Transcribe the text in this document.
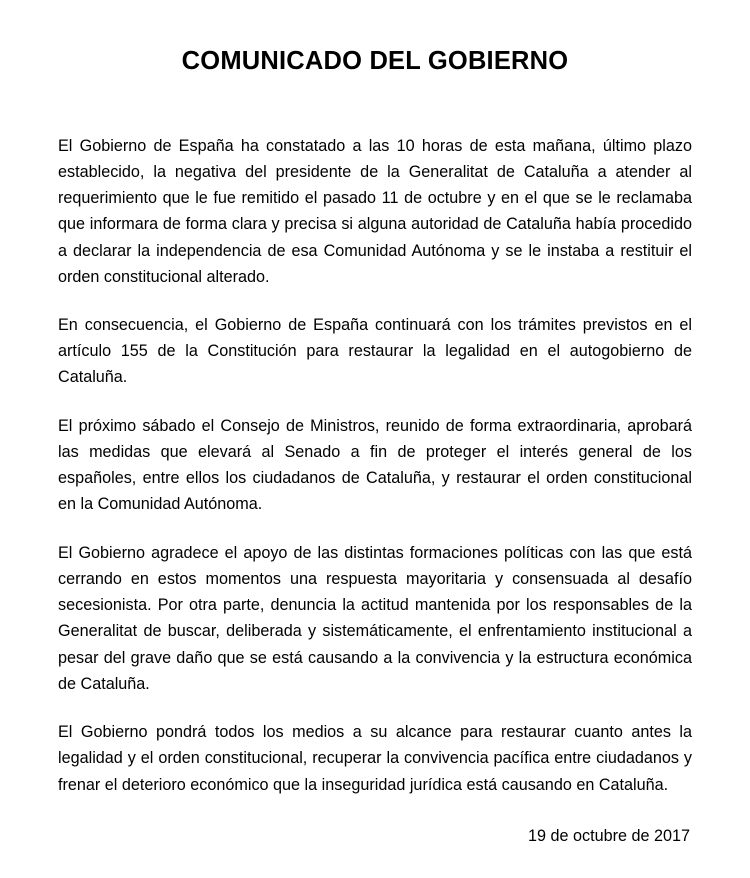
COMUNICADO DEL GOBIERNO

El Gobierno de España ha constatado a las 10 horas de esta mañana, último plazo establecido, la negativa del presidente de la Generalitat de Cataluña a atender al requerimiento que le fue remitido el pasado 11 de octubre y en el que se le reclamaba que informara de forma clara y precisa si alguna autoridad de Cataluña había procedido a declarar la independencia de esa Comunidad Autónoma y se le instaba a restituir el orden constitucional alterado.

En consecuencia, el Gobierno de España continuará con los trámites previstos en el artículo 155 de la Constitución para restaurar la legalidad en el autogobierno de Cataluña.

El próximo sábado el Consejo de Ministros, reunido de forma extraordinaria, aprobará las medidas que elevará al Senado a fin de proteger el interés general de los españoles, entre ellos los ciudadanos de Cataluña, y restaurar el orden constitucional en la Comunidad Autónoma.

El Gobierno agradece el apoyo de las distintas formaciones políticas con las que está cerrando en estos momentos una respuesta mayoritaria y consensuada al desafío secesionista. Por otra parte, denuncia la actitud mantenida por los responsables de la Generalitat de buscar, deliberada y sistemáticamente, el enfrentamiento institucional a pesar del grave daño que se está causando a la convivencia y la estructura económica de Cataluña.

El Gobierno pondrá todos los medios a su alcance para restaurar cuanto antes la legalidad y el orden constitucional, recuperar la convivencia pacífica entre ciudadanos y frenar el deterioro económico que la inseguridad jurídica está causando en Cataluña.

19 de octubre de 2017
